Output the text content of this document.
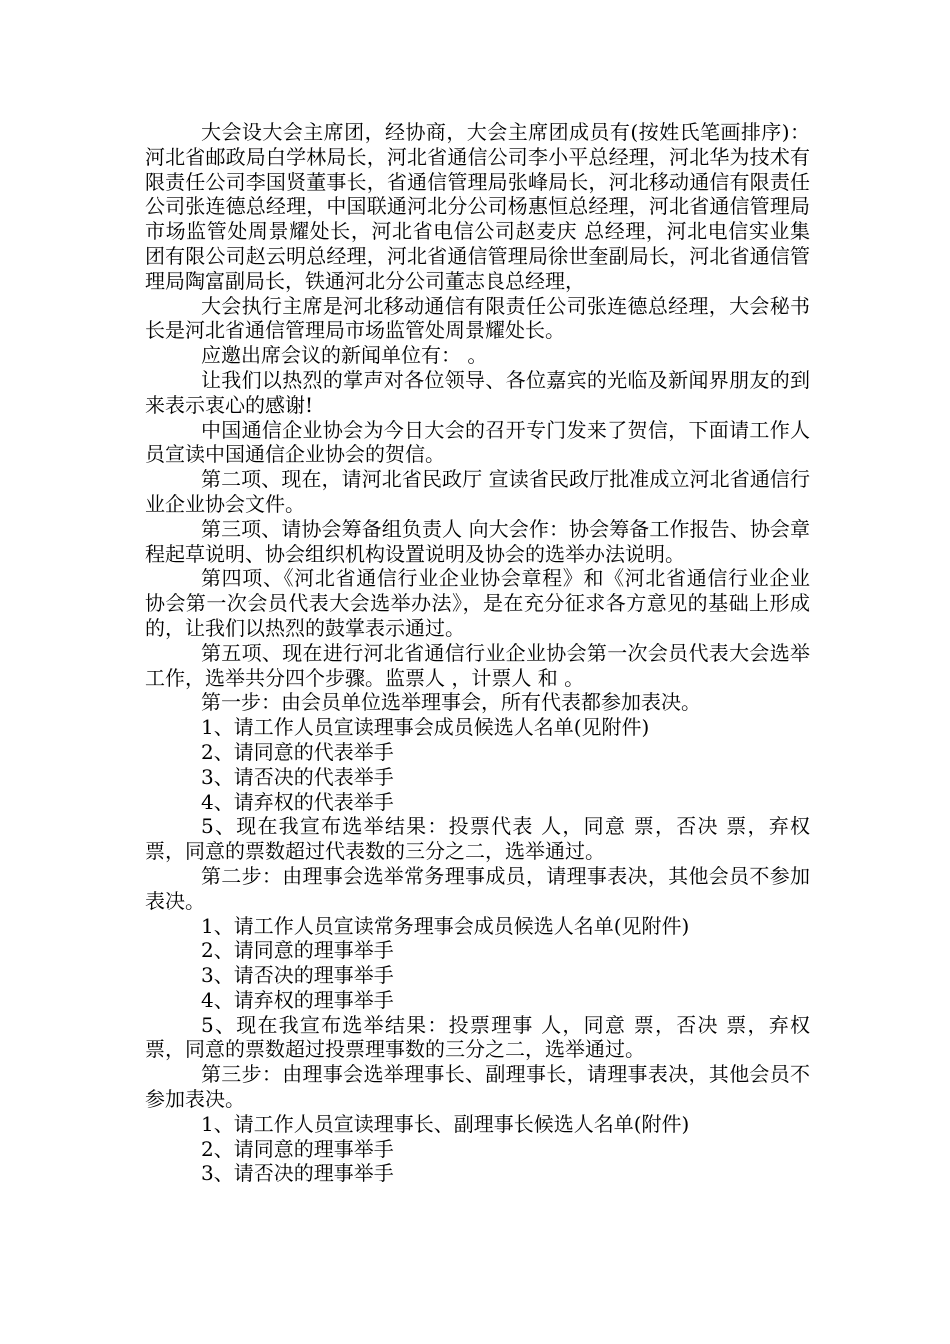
大会设大会主席团，经协商，大会主席团成员有(按姓氏笔画排序)：河北省邮政局白学林局长，河北省通信公司李小平总经理，河北华为技术有限责任公司李国贤董事长，省通信管理局张峰局长，河北移动通信有限责任公司张连德总经理，中国联通河北分公司杨惠恒总经理，河北省通信管理局市场监管处周景耀处长，河北省电信公司赵麦庆 总经理，河北电信实业集团有限公司赵云明总经理，河北省通信管理局徐世奎副局长，河北省通信管理局陶富副局长，铁通河北分公司董志良总经理，

大会执行主席是河北移动通信有限责任公司张连德总经理，大会秘书长是河北省通信管理局市场监管处周景耀处长。

应邀出席会议的新闻单位有： 。

让我们以热烈的掌声对各位领导、各位嘉宾的光临及新闻界朋友的到来表示衷心的感谢!

中国通信企业协会为今日大会的召开专门发来了贺信，下面请工作人员宣读中国通信企业协会的贺信。

第二项、现在，请河北省民政厅 宣读省民政厅批准成立河北省通信行业企业协会文件。

第三项、请协会筹备组负责人 向大会作：协会筹备工作报告、协会章程起草说明、协会组织机构设置说明及协会的选举办法说明。

第四项、《河北省通信行业企业协会章程》和《河北省通信行业企业协会第一次会员代表大会选举办法》，是在充分征求各方意见的基础上形成的，让我们以热烈的鼓掌表示通过。

第五项、现在进行河北省通信行业企业协会第一次会员代表大会选举工作，选举共分四个步骤。监票人 ，计票人 和 。

第一步：由会员单位选举理事会，所有代表都参加表决。

1、请工作人员宣读理事会成员候选人名单(见附件)

2、请同意的代表举手

3、请否决的代表举手

4、请弃权的代表举手

5、现在我宣布选举结果：投票代表 人，同意 票，否决 票，弃权 票，同意的票数超过代表数的三分之二，选举通过。

第二步：由理事会选举常务理事成员，请理事表决，其他会员不参加表决。

1、请工作人员宣读常务理事会成员候选人名单(见附件)

2、请同意的理事举手

3、请否决的理事举手

4、请弃权的理事举手

5、现在我宣布选举结果：投票理事 人，同意 票，否决 票，弃权 票，同意的票数超过投票理事数的三分之二，选举通过。

第三步：由理事会选举理事长、副理事长，请理事表决，其他会员不参加表决。

1、请工作人员宣读理事长、副理事长候选人名单(附件)

2、请同意的理事举手

3、请否决的理事举手
